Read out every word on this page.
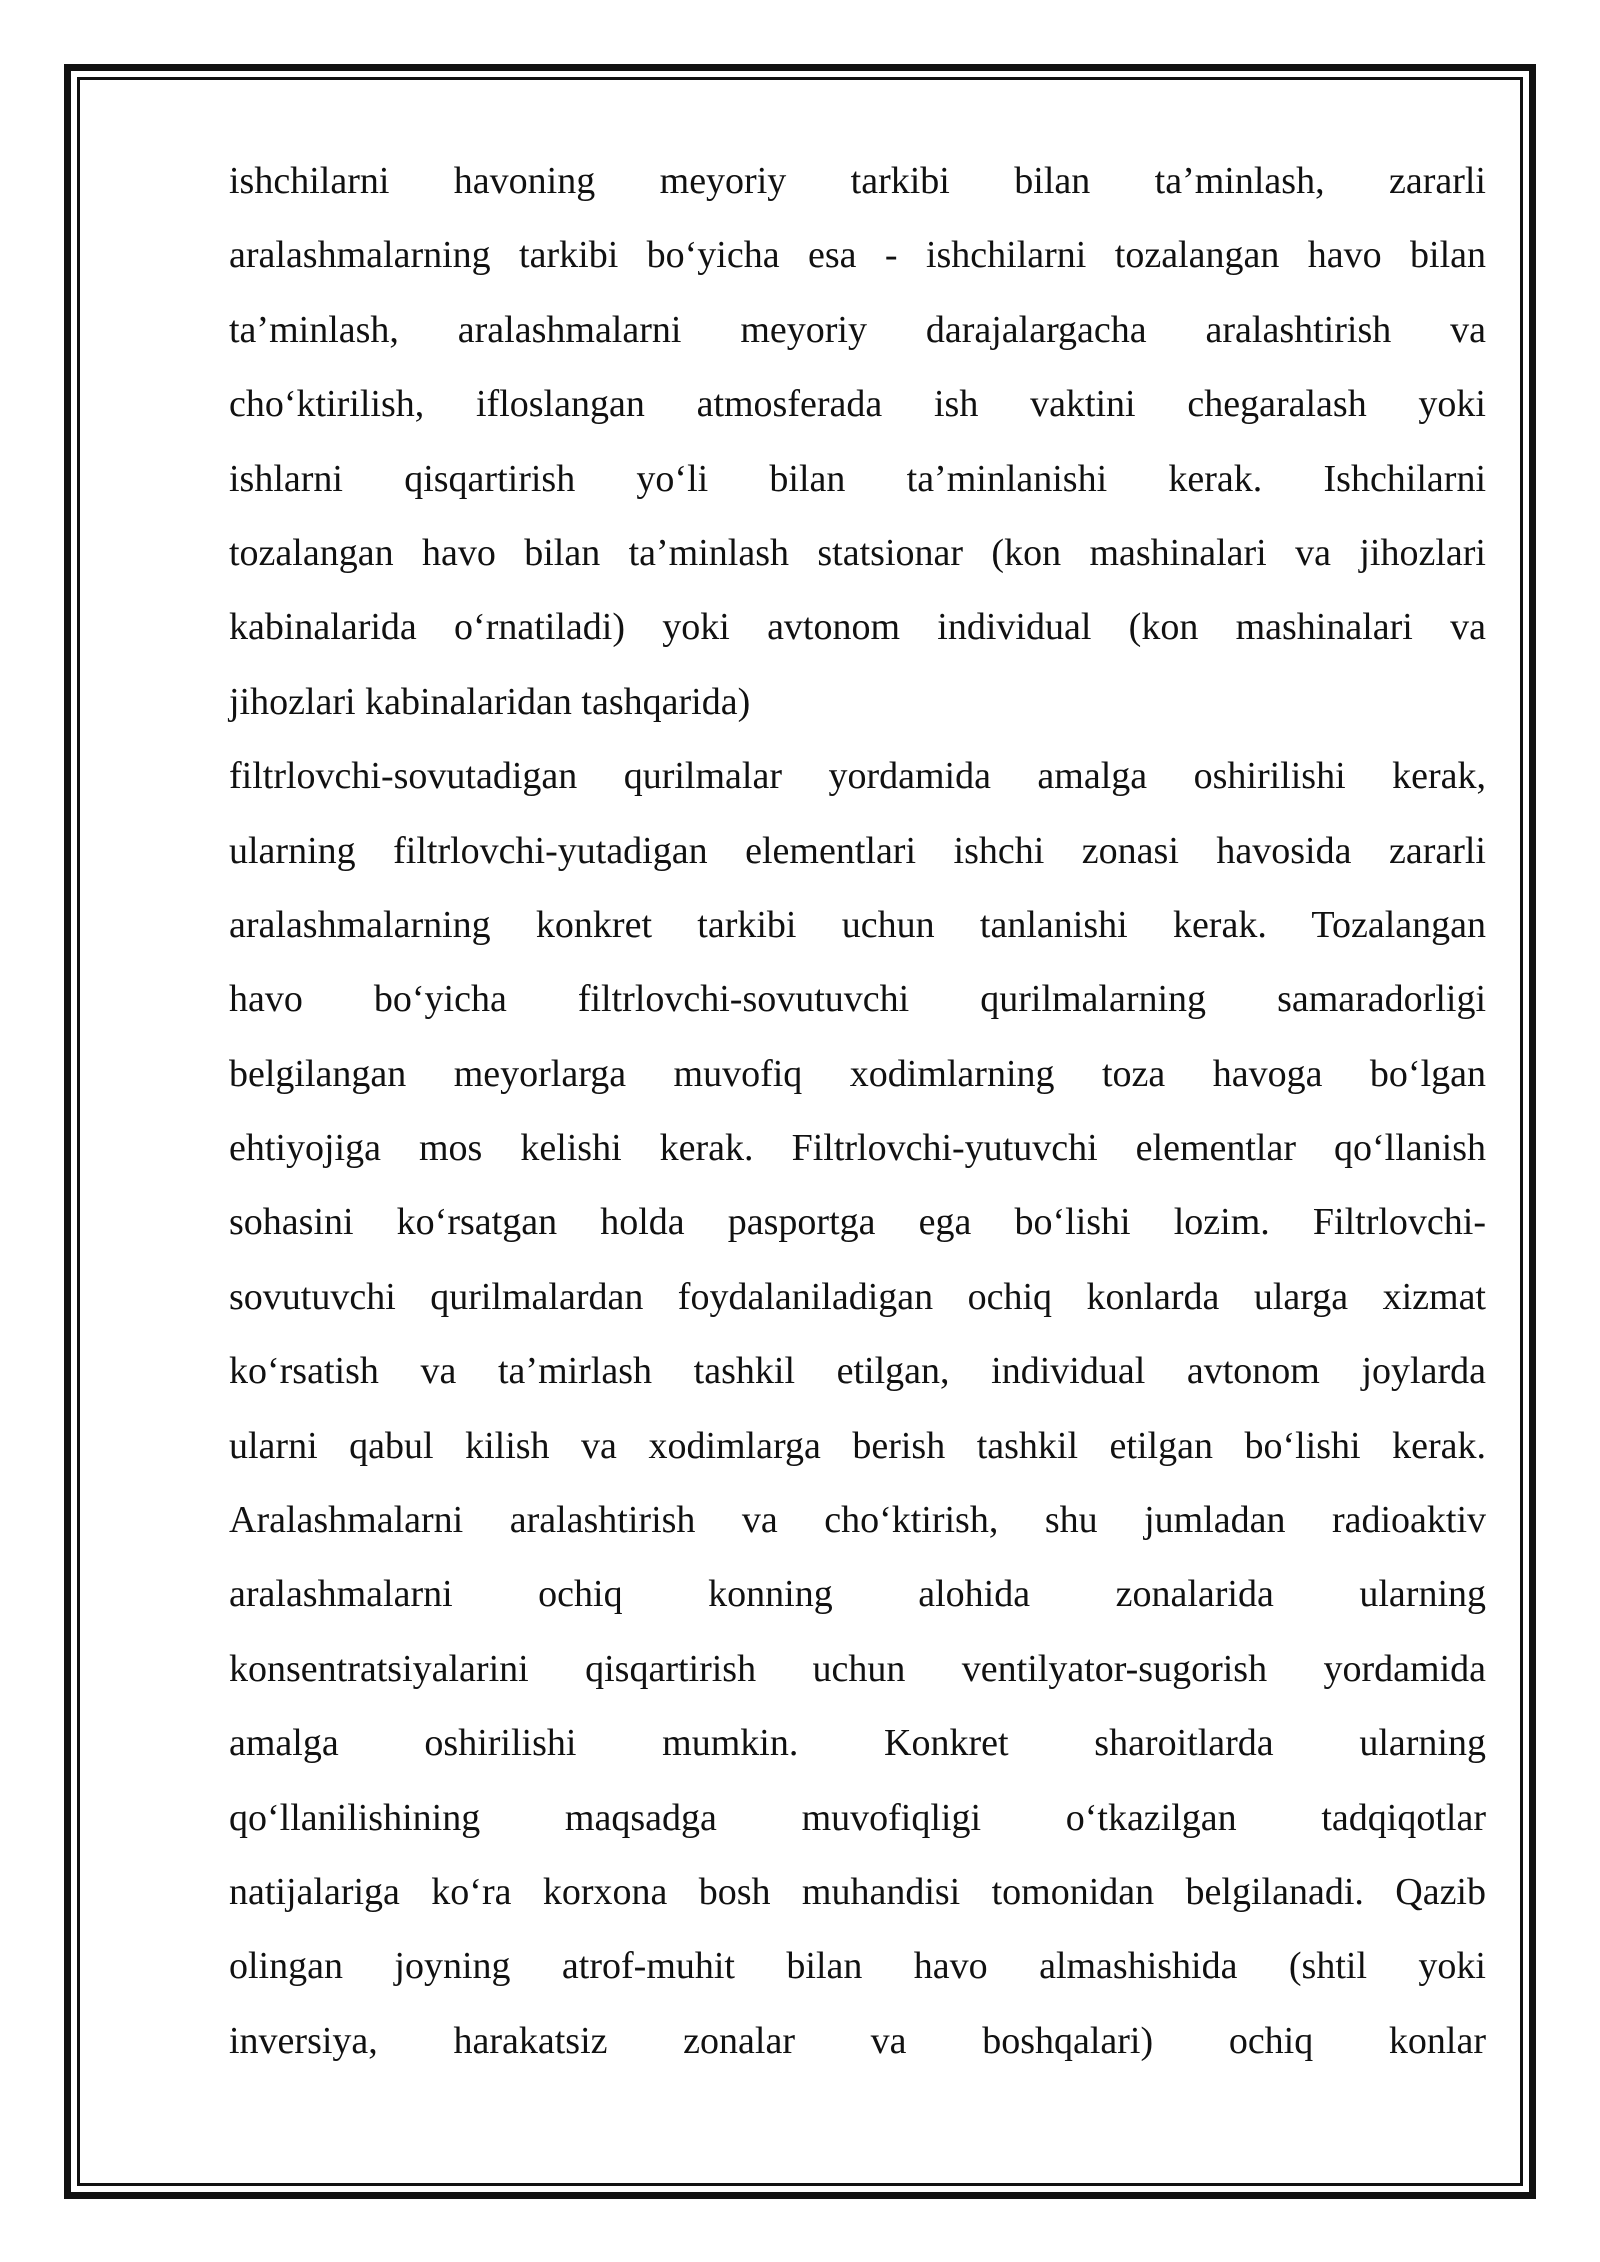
ishchilarni havoning meyoriy tarkibi bilan ta’minlash, zararli
aralashmalarning tarkibi bo‘yicha esa - ishchilarni tozalangan havo bilan
ta’minlash, aralashmalarni meyoriy darajalargacha aralashtirish va
cho‘ktirilish, ifloslangan atmosferada ish vaktini chegaralash yoki
ishlarni qisqartirish yo‘li bilan ta’minlanishi kerak. Ishchilarni
tozalangan havo bilan ta’minlash statsionar (kon mashinalari va jihozlari
kabinalarida o‘rnatiladi) yoki avtonom individual (kon mashinalari va
jihozlari kabinalaridan tashqarida)

filtrlovchi-sovutadigan qurilmalar yordamida amalga oshirilishi kerak,
ularning filtrlovchi-yutadigan elementlari ishchi zonasi havosida zararli
aralashmalarning konkret tarkibi uchun tanlanishi kerak. Tozalangan
havo bo‘yicha filtrlovchi-sovutuvchi qurilmalarning samaradorligi
belgilangan meyorlarga muvofiq xodimlarning toza havoga bo‘lgan
ehtiyojiga mos kelishi kerak. Filtrlovchi-yutuvchi elementlar qo‘llanish
sohasini ko‘rsatgan holda pasportga ega bo‘lishi lozim. Filtrlovchi-
sovutuvchi qurilmalardan foydalaniladigan ochiq konlarda ularga xizmat
ko‘rsatish va ta’mirlash tashkil etilgan, individual avtonom joylarda
ularni qabul kilish va xodimlarga berish tashkil etilgan bo‘lishi kerak.
Aralashmalarni aralashtirish va cho‘ktirish, shu jumladan radioaktiv
aralashmalarni ochiq konning alohida zonalarida ularning
konsentratsiyalarini qisqartirish uchun ventilyator-sugorish yordamida
amalga oshirilishi mumkin. Konkret sharoitlarda ularning
qo‘llanilishining maqsadga muvofiqligi o‘tkazilgan tadqiqotlar
natijalariga ko‘ra korxona bosh muhandisi tomonidan belgilanadi. Qazib
olingan joyning atrof-muhit bilan havo almashishida (shtil yoki
inversiya, harakatsiz zonalar va boshqalari) ochiq konlar
